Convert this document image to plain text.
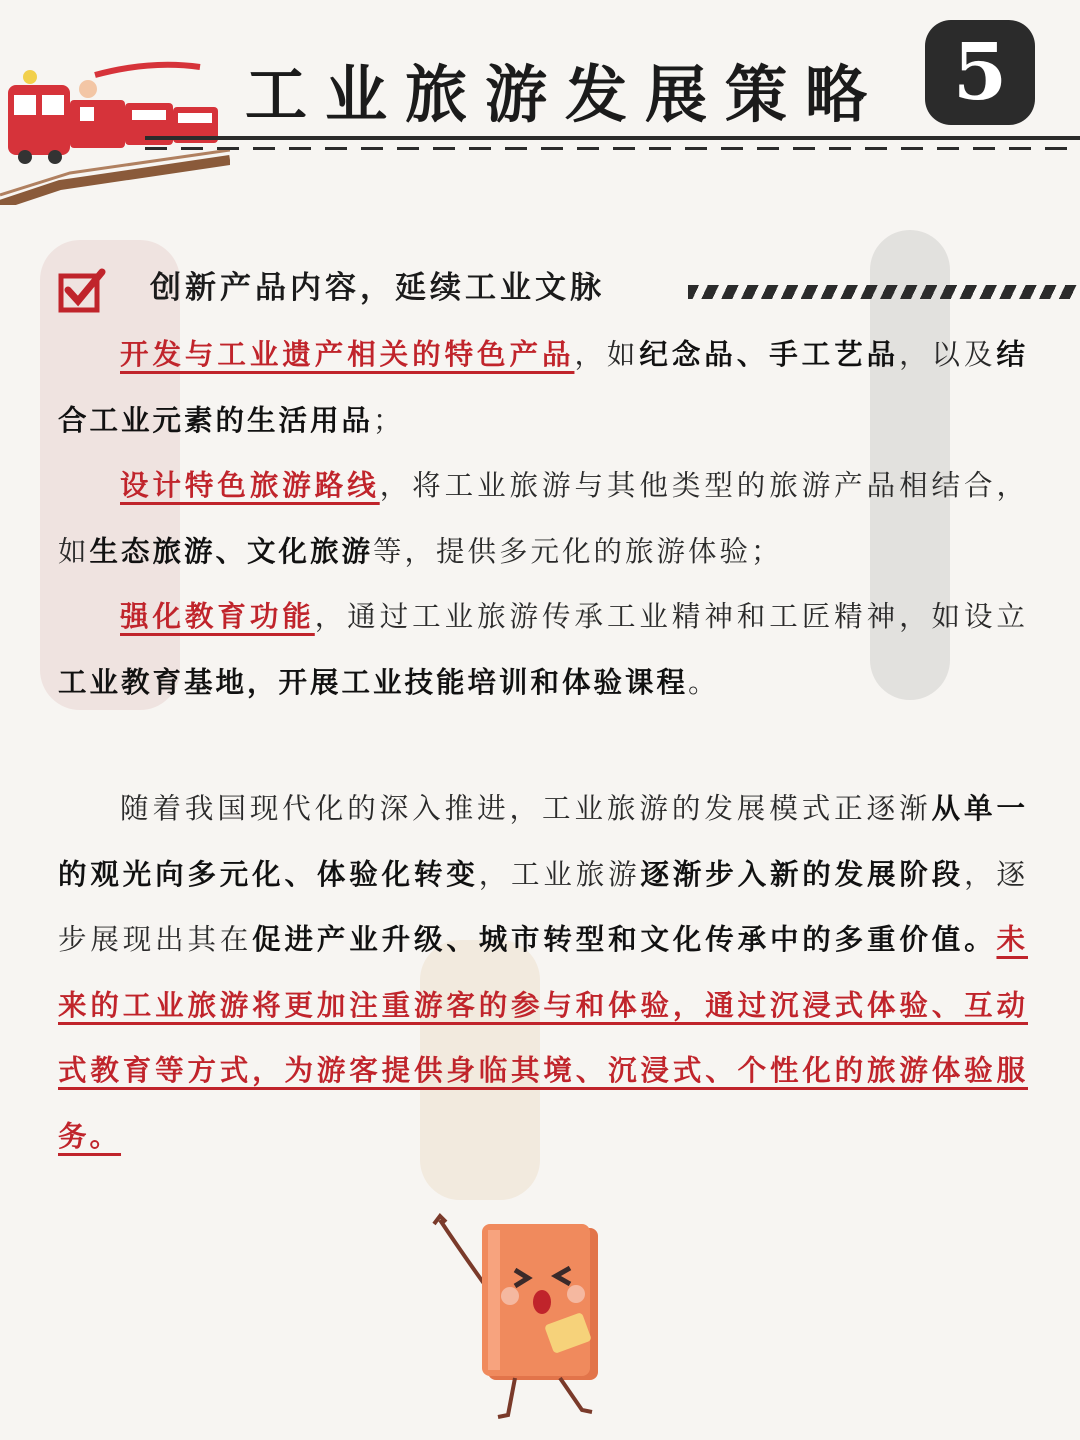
工业旅游发展策略 5
创新产品内容，延续工业文脉

开发与工业遗产相关的特色产品，如纪念品、手工艺品，以及结合工业元素的生活用品；

设计特色旅游路线，将工业旅游与其他类型的旅游产品相结合，如生态旅游、文化旅游等，提供多元化的旅游体验；

强化教育功能，通过工业旅游传承工业精神和工匠精神，如设立工业教育基地，开展工业技能培训和体验课程。

随着我国现代化的深入推进，工业旅游的发展模式正逐渐从单一的观光向多元化、体验化转变，工业旅游逐渐步入新的发展阶段，逐步展现出其在促进产业升级、城市转型和文化传承中的多重价值。未来的工业旅游将更加注重游客的参与和体验，通过沉浸式体验、互动式教育等方式，为游客提供身临其境、沉浸式、个性化的旅游体验服务。
